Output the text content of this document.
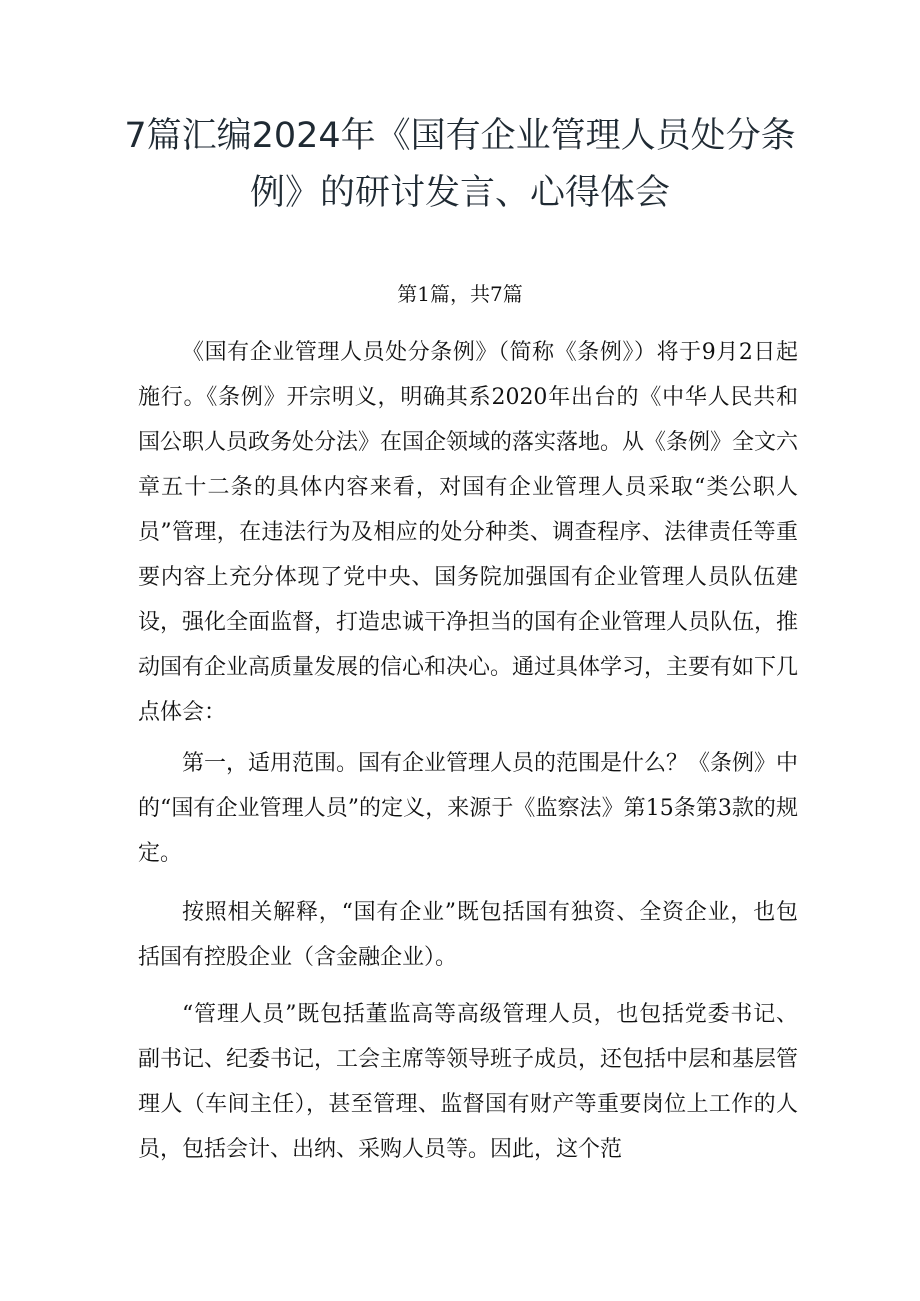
7篇汇编2024年《国有企业管理人员处分条例》的研讨发言、心得体会

第1篇，共7篇

《国有企业管理人员处分条例》（简称《条例》）将于9月2日起施行。《条例》开宗明义，明确其系2020年出台的《中华人民共和国公职人员政务处分法》在国企领域的落实落地。从《条例》全文六章五十二条的具体内容来看，对国有企业管理人员采取“类公职人员”管理，在违法行为及相应的处分种类、调查程序、法律责任等重要内容上充分体现了党中央、国务院加强国有企业管理人员队伍建设，强化全面监督，打造忠诚干净担当的国有企业管理人员队伍，推动国有企业高质量发展的信心和决心。通过具体学习，主要有如下几点体会：

第一，适用范围。国有企业管理人员的范围是什么？《条例》中的“国有企业管理人员”的定义，来源于《监察法》第15条第3款的规定。

按照相关解释，“国有企业”既包括国有独资、全资企业，也包括国有控股企业（含金融企业）。

“管理人员”既包括董监高等高级管理人员，也包括党委书记、副书记、纪委书记，工会主席等领导班子成员，还包括中层和基层管理人（车间主任），甚至管理、监督国有财产等重要岗位上工作的人员，包括会计、出纳、采购人员等。因此，这个范
